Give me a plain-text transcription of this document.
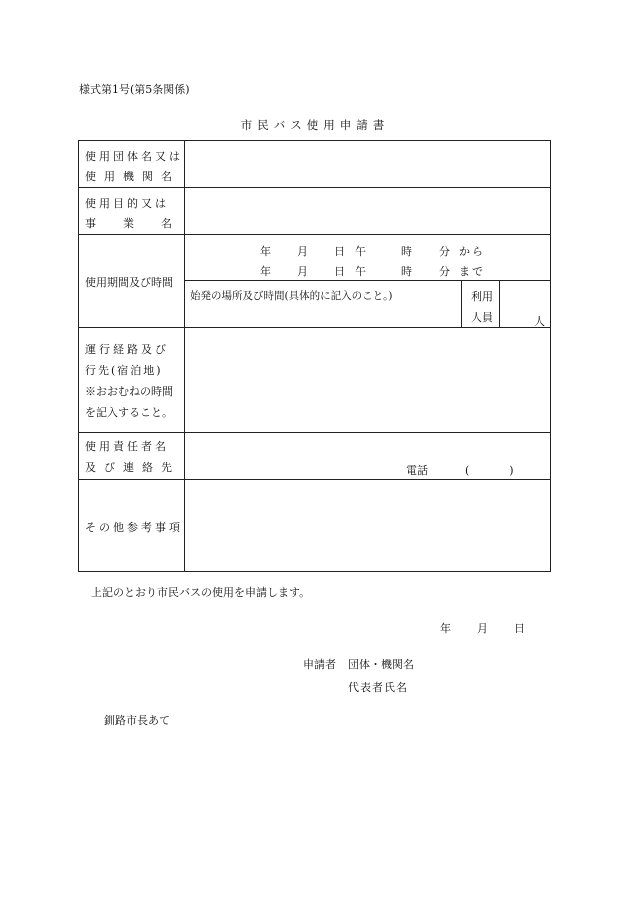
様式第1号(第5条関係)
市民バス使用申請書
使用団体名又は
使用機関名
使用目的又は
事業名
使用期間及び時間
年 月 日 午	時 分 から
年 月 日 午	時 分 まで
始発の場所及び時間(具体的に記入のこと。)	利用
人員	人
運行経路及び
行先(宿泊地)
※おおむねの時間
を記入すること。
使用責任者名
及び連絡先	電話	(　　)
その他参考事項
上記のとおり市民バスの使用を申請します。
年 月 日
申請者 団体・機関名
代表者氏名
釧路市長あて
